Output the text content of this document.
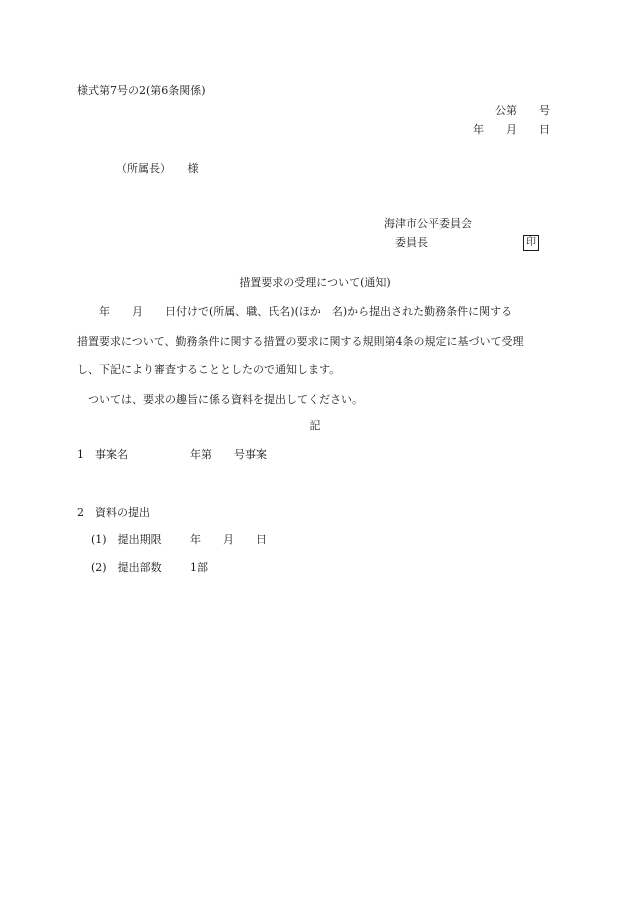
様式第7号の2(第6条関係)
公第　　号
年　　月　　日
（所属長）　　様
海津市公平委員会
委員長	印
措置要求の受理について(通知)
　　年　　月　　日付けで(所属、職、氏名)(ほか　名)から提出された勤務条件に関する
措置要求について、勤務条件に関する措置の要求に関する規則第4条の規定に基づいて受理
し、下記により審査することとしたので通知します。
　ついては、要求の趣旨に係る資料を提出してください。
記
1　事案名	年第　　号事案
2　資料の提出
(1)　提出期限	年　　月　　日
(2)　提出部数	1部
